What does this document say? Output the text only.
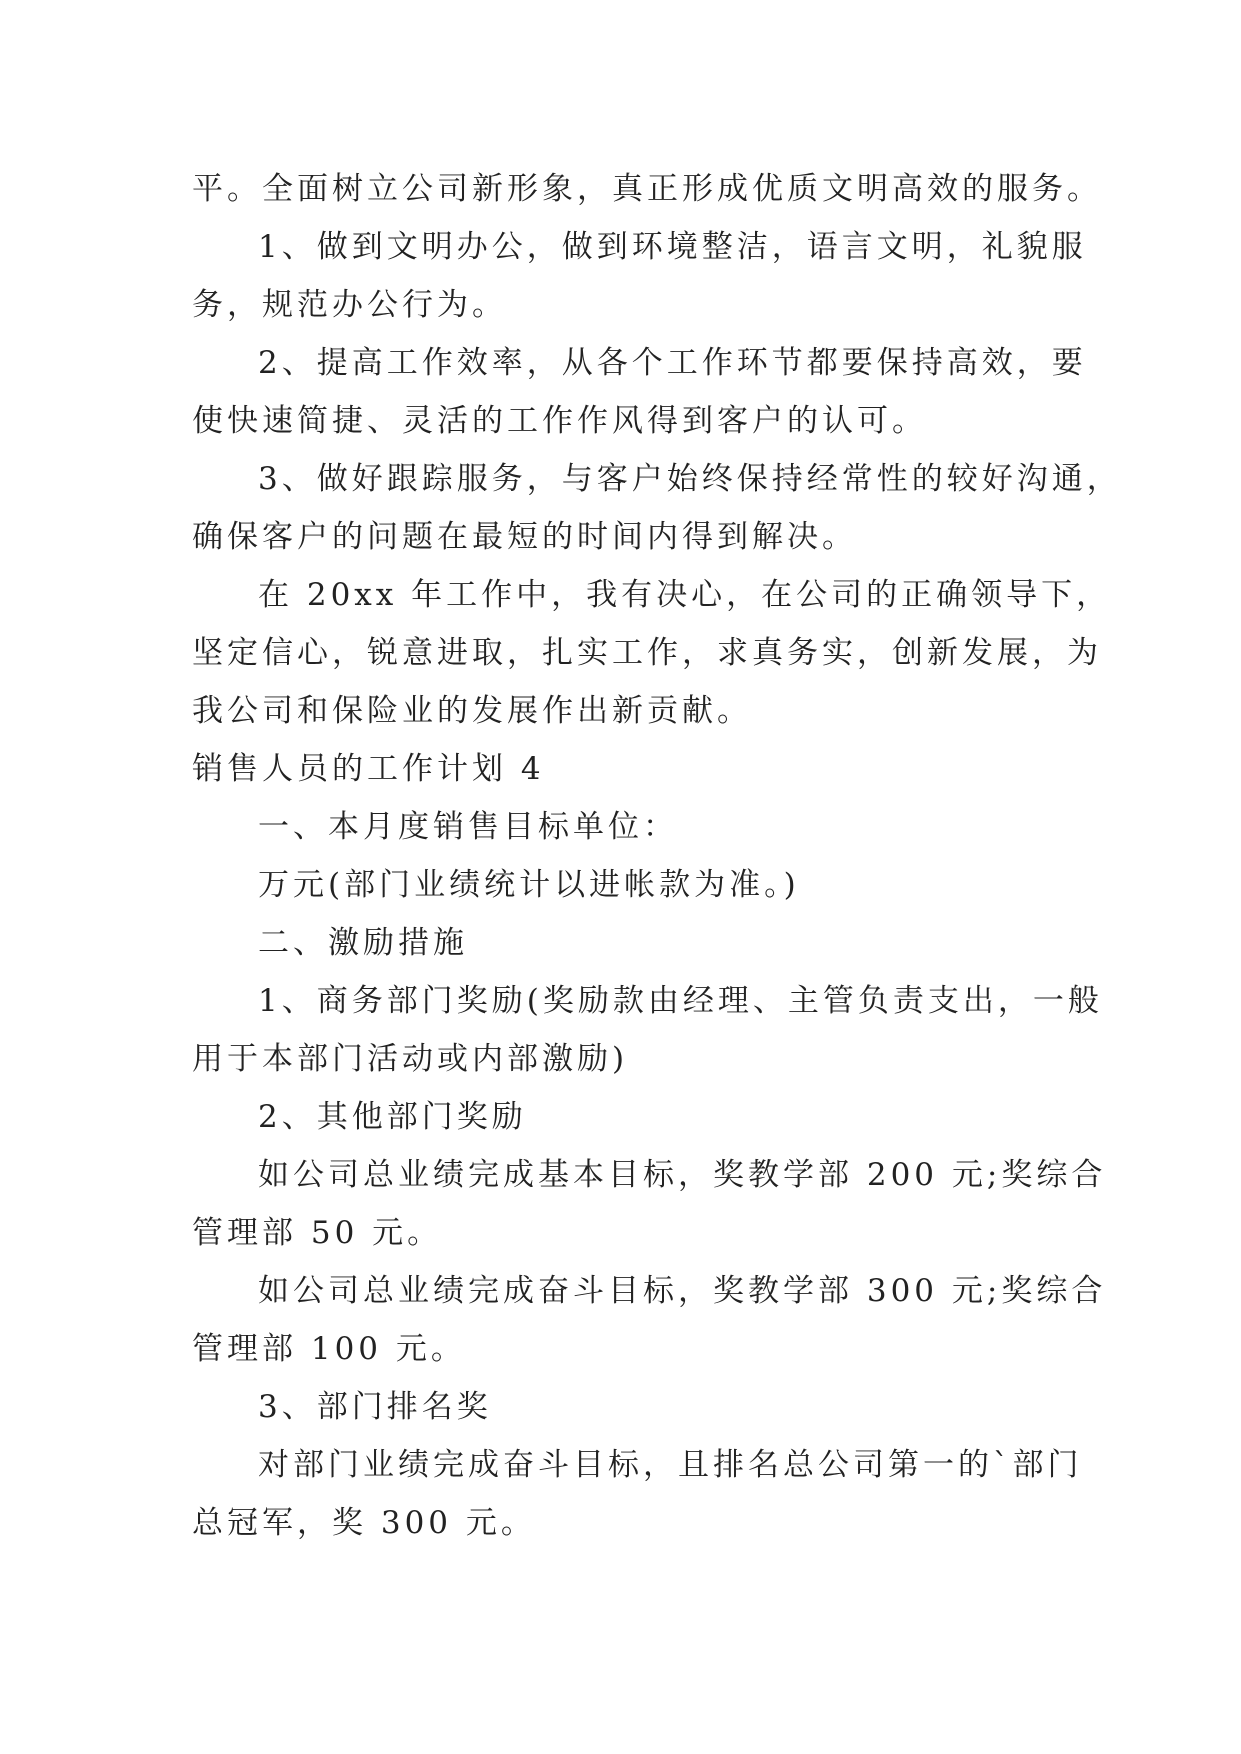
平。全面树立公司新形象，真正形成优质文明高效的服务。

1、做到文明办公，做到环境整洁，语言文明，礼貌服

务，规范办公行为。

2、提高工作效率，从各个工作环节都要保持高效，要

使快速简捷、灵活的工作作风得到客户的认可。

3、做好跟踪服务，与客户始终保持经常性的较好沟通，

确保客户的问题在最短的时间内得到解决。

在 20xx 年工作中，我有决心，在公司的正确领导下，

坚定信心，锐意进取，扎实工作，求真务实，创新发展，为

我公司和保险业的发展作出新贡献。

销售人员的工作计划 4

一、本月度销售目标单位：

万元(部门业绩统计以进帐款为准。)

二、激励措施

1、商务部门奖励(奖励款由经理、主管负责支出，一般

用于本部门活动或内部激励)

2、其他部门奖励

如公司总业绩完成基本目标，奖教学部 200 元;奖综合

管理部 50 元。

如公司总业绩完成奋斗目标，奖教学部 300 元;奖综合

管理部 100 元。

3、部门排名奖

对部门业绩完成奋斗目标，且排名总公司第一的`部门

总冠军，奖 300 元。
